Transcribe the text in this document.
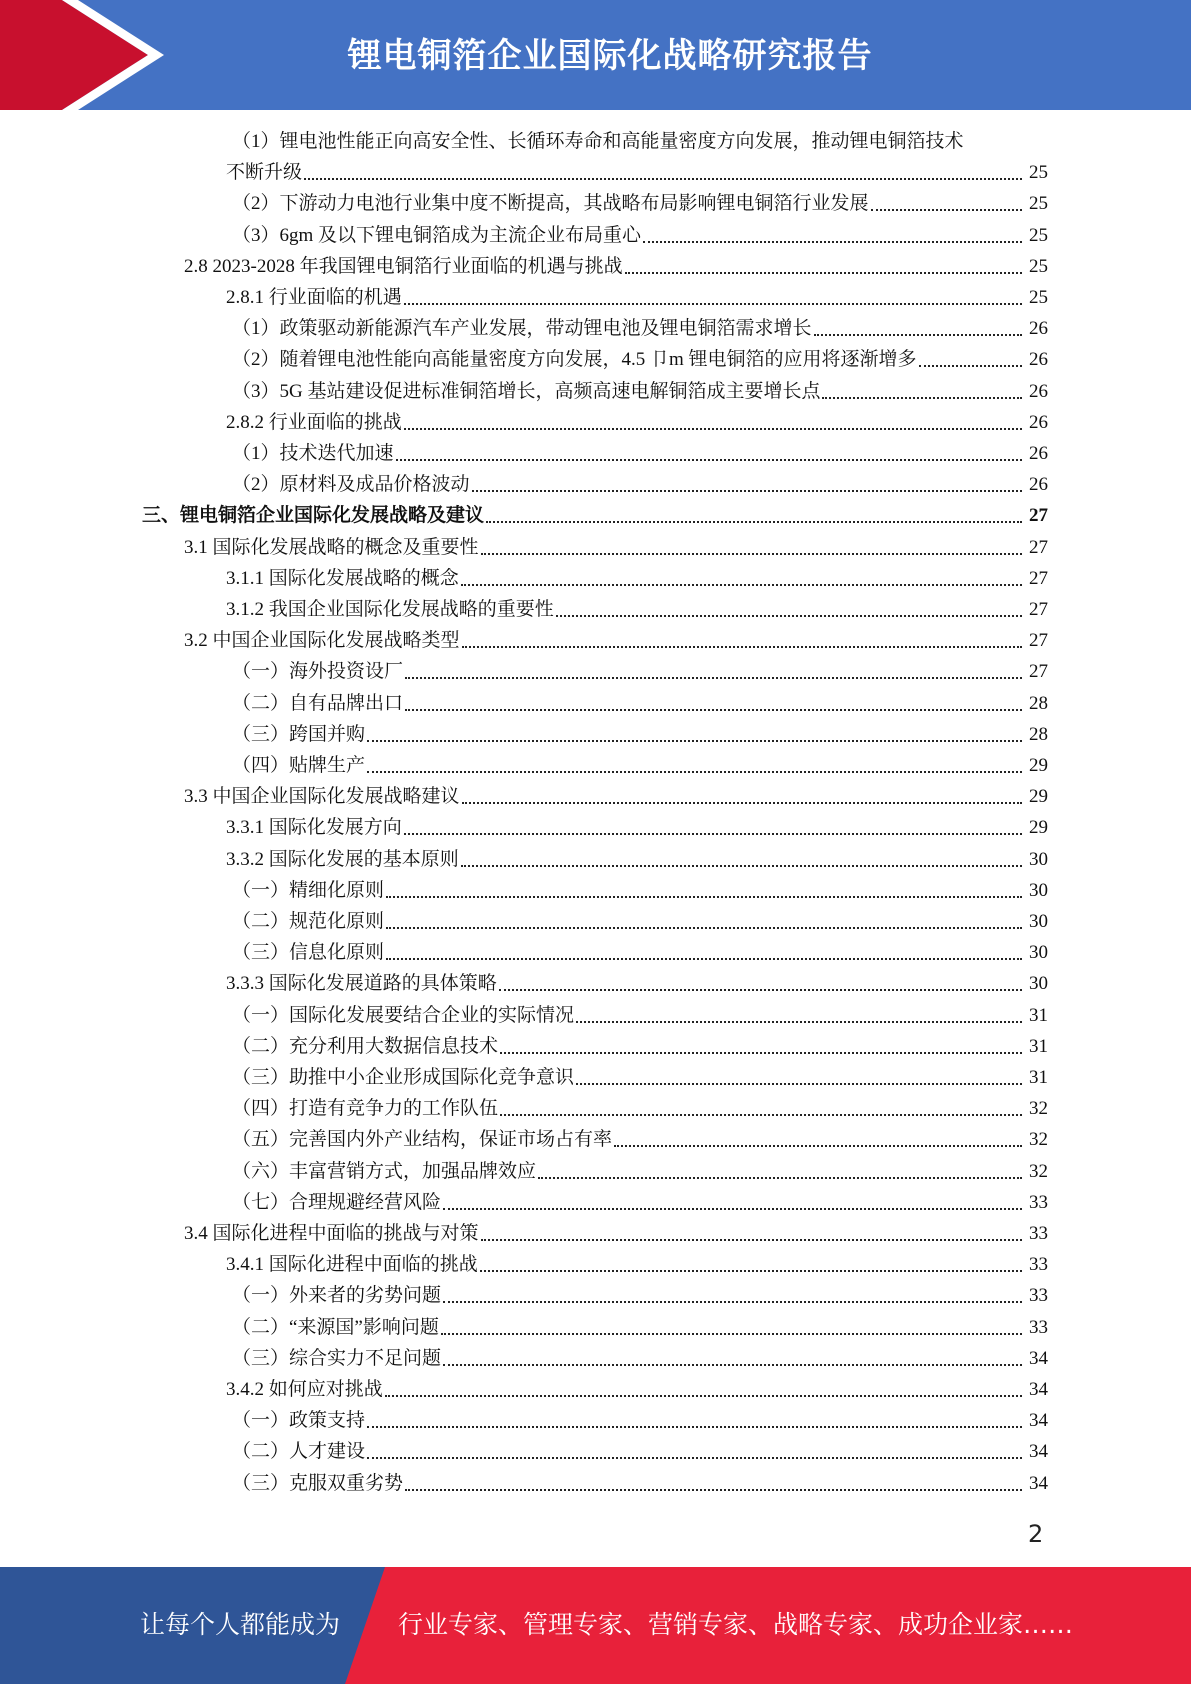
锂电铜箔企业国际化战略研究报告
（1）锂电池性能正向高安全性、长循环寿命和高能量密度方向发展，推动锂电铜箔技术
不断升级	25
（2）下游动力电池行业集中度不断提高，其战略布局影响锂电铜箔行业发展	25
（3）6gm 及以下锂电铜箔成为主流企业布局重心	25
2.8 2023-2028 年我国锂电铜箔行业面临的机遇与挑战	25
2.8.1 行业面临的机遇	25
（1）政策驱动新能源汽车产业发展，带动锂电池及锂电铜箔需求增长	26
（2）随着锂电池性能向高能量密度方向发展，4.5 卩m 锂电铜箔的应用将逐渐增多	26
（3）5G 基站建设促进标准铜箔增长，高频高速电解铜箔成主要增长点	26
2.8.2 行业面临的挑战	26
（1）技术迭代加速	26
（2）原材料及成品价格波动	26
三、锂电铜箔企业国际化发展战略及建议	27
3.1 国际化发展战略的概念及重要性	27
3.1.1 国际化发展战略的概念	27
3.1.2 我国企业国际化发展战略的重要性	27
3.2 中国企业国际化发展战略类型	27
（一）海外投资设厂	27
（二）自有品牌出口	28
（三）跨国并购	28
（四）贴牌生产	29
3.3 中国企业国际化发展战略建议	29
3.3.1 国际化发展方向	29
3.3.2 国际化发展的基本原则	30
（一）精细化原则	30
（二）规范化原则	30
（三）信息化原则	30
3.3.3 国际化发展道路的具体策略	30
（一）国际化发展要结合企业的实际情况	31
（二）充分利用大数据信息技术	31
（三）助推中小企业形成国际化竞争意识	31
（四）打造有竞争力的工作队伍	32
（五）完善国内外产业结构，保证市场占有率	32
（六）丰富营销方式，加强品牌效应	32
（七）合理规避经营风险	33
3.4 国际化进程中面临的挑战与对策	33
3.4.1 国际化进程中面临的挑战	33
（一）外来者的劣势问题	33
（二）“来源国”影响问题	33
（三）综合实力不足问题	34
3.4.2 如何应对挑战	34
（一）政策支持	34
（二）人才建设	34
（三）克服双重劣势	34
2
让每个人都能成为 行业专家、管理专家、营销专家、战略专家、成功企业家……
